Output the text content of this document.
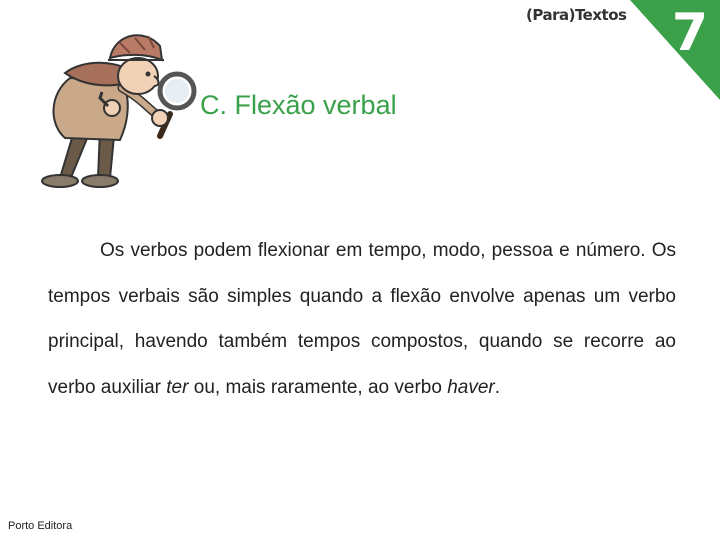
(Para)Textos 7
C. Flexão verbal
Os verbos podem flexionar em tempo, modo, pessoa e número. Os tempos verbais são simples quando a flexão envolve apenas um verbo principal, havendo também tempos compostos, quando se recorre ao verbo auxiliar ter ou, mais raramente, ao verbo haver.
Porto Editora
